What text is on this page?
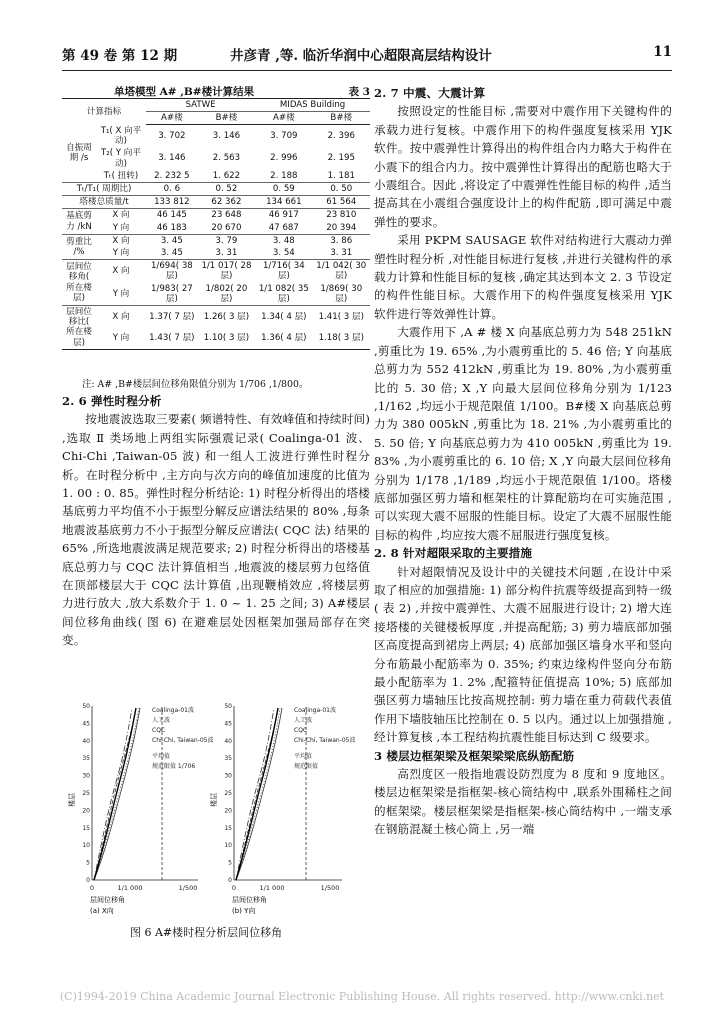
第 49 卷 第 12 期	井彦青 ,等. 临沂华润中心超限高层结构设计	11
单塔模型 A# ,B#楼计算结果	表 3
计算指标		SATWE		MIDAS Building	
		A#楼	B#楼	A#楼	B#楼
自振周期 /s	T₁( X 向平动)	3. 702	3. 146	3. 709	2. 396
	T₂( Y 向平动)	3. 146	2. 563	2. 996	2. 195
	Tₜ( 扭转)	2. 232 5	1. 622	2. 188	1. 181
Tₜ/T₁( 周期比)		0. 6	0. 52	0. 59	0. 50
塔楼总质量/t		133 812	62 362	134 661	61 564
基底剪力 /kN	X 向	46 145	23 648	46 917	23 810
	Y 向	46 183	20 670	47 687	20 394
剪重比 /%	X 向	3. 45	3. 79	3. 48	3. 86
	Y 向	3. 45	3. 31	3. 54	3. 31
层间位移角( 所在楼层)	X 向	1/694( 38 层)	1/1 017( 28 层)	1/716( 34 层)	1/1 042( 30 层)
	Y 向	1/983( 27 层)	1/802( 20 层)	1/1 082( 35 层)	1/869( 30 层)
层间位移比( 所在楼层)	X 向	1.37( 7 层)	1.26( 3 层)	1.34( 4 层)	1.41( 3 层)
	Y 向	1.43( 7 层)	1.10( 3 层)	1.36( 4 层)	1.18( 3 层)
注: A# ,B#楼层间位移角限值分别为 1/706 ,1/800。

2. 6 弹性时程分析

按地震波选取三要素( 频谱特性、有效峰值和持续时间) ,选取 Ⅱ 类场地上两组实际强震记录( Coalinga-01 波、Chi-Chi ,Taiwan-05 波) 和一组人工波进行弹性时程分析。在时程分析中 ,主方向与次方向的峰值加速度的比值为 1. 00 : 0. 85。弹性时程分析结论: 1) 时程分析得出的塔楼基底剪力平均值不小于振型分解反应谱法结果的 80% ,每条地震波基底剪力不小于振型分解反应谱法( CQC 法) 结果的 65% ,所选地震波满足规范要求; 2) 时程分析得出的塔楼基底总剪力与 CQC 法计算值相当 ,地震波的楼层剪力包络值在顶部楼层大于 CQC 法计算值 ,出现鞭梢效应 ,将楼层剪力进行放大 ,放大系数介于 1. 0 ~ 1. 25 之间; 3) A#楼层间位移角曲线( 图 6) 在避难层处因框架加强局部存在突变。

Coalinga-01波
人工波
CQC
Chi-Chi, Taiwan-05波
平均值
规范限值 1/706
0
5
10
15
20
25
30
35
40
45
50
0	1/1 000	1/500
楼层
层间位移角
(a) X向
Coalinga-01波
人工波
CQC
Chi-Chi, Taiwan-05波
平均值
规范限值
0
5
10
15
20
25
30
35
40
45
50
0	1/1 000	1/500
楼层
层间位移角
(b) Y向
图 6 A#楼时程分析层间位移角

2. 7 中震、大震计算

按照设定的性能目标 ,需要对中震作用下关键构件的承载力进行复核。中震作用下的构件强度复核采用 YJK 软件。按中震弹性计算得出的构件组合内力略大于构件在小震下的组合内力。按中震弹性计算得出的配筋也略大于小震组合。因此 ,将设定了中震弹性性能目标的构件 ,适当提高其在小震组合强度设计上的构件配筋 ,即可满足中震弹性的要求。

采用 PKPM SAUSAGE 软件对结构进行大震动力弹塑性时程分析 ,对性能目标进行复核 ,并进行关键构件的承载力计算和性能目标的复核 ,确定其达到本文 2. 3 节设定的构件性能目标。大震作用下的构件强度复核采用 YJK 软件进行等效弹性计算。

大震作用下 ,A # 楼 X 向基底总剪力为 548 251kN ,剪重比为 19. 65% ,为小震剪重比的 5. 46 倍; Y 向基底总剪力为 552 412kN ,剪重比为 19. 80% ,为小震剪重比的 5. 30 倍; X ,Y 向最大层间位移角分别为 1/123 ,1/162 ,均远小于规范限值 1/100。B#楼 X 向基底总剪力为 380 005kN ,剪重比为 18. 21% ,为小震剪重比的 5. 50 倍; Y 向基底总剪力为 410 005kN ,剪重比为 19. 83% ,为小震剪重比的 6. 10 倍; X ,Y 向最大层间位移角分别为 1/178 ,1/189 ,均远小于规范限值 1/100。塔楼底部加强区剪力墙和框架柱的计算配筋均在可实施范围 ,可以实现大震不屈服的性能目标。设定了大震不屈服性能目标的构件 ,均应按大震不屈服进行强度复核。

2. 8 针对超限采取的主要措施

针对超限情况及设计中的关键技术问题 ,在设计中采取了相应的加强措施: 1) 部分构件抗震等级提高到特一级( 表 2) ,并按中震弹性、大震不屈服进行设计; 2) 增大连接塔楼的关键楼板厚度 ,并提高配筋; 3) 剪力墙底部加强区高度提高到裙房上两层; 4) 底部加强区墙身水平和竖向分布筋最小配筋率为 0. 35%; 约束边缘构件竖向分布筋最小配筋率为 1. 2% ,配箍特征值提高 10%; 5) 底部加强区剪力墙轴压比按高规控制: 剪力墙在重力荷载代表值作用下墙肢轴压比控制在 0. 5 以内。通过以上加强措施 ,经计算复核 ,本工程结构抗震性能目标达到 C 级要求。

3 楼层边框架梁及框架梁梁底纵筋配筋

高烈度区一般指地震设防烈度为 8 度和 9 度地区。楼层边框架梁是指框架-核心筒结构中 ,联系外围稀柱之间的框架梁。楼层框架梁是指框架-核心筒结构中 ,一端支承在钢筋混凝土核心筒上 ,另一端

(C)1994-2019 China Academic Journal Electronic Publishing House. All rights reserved. http://www.cnki.net
